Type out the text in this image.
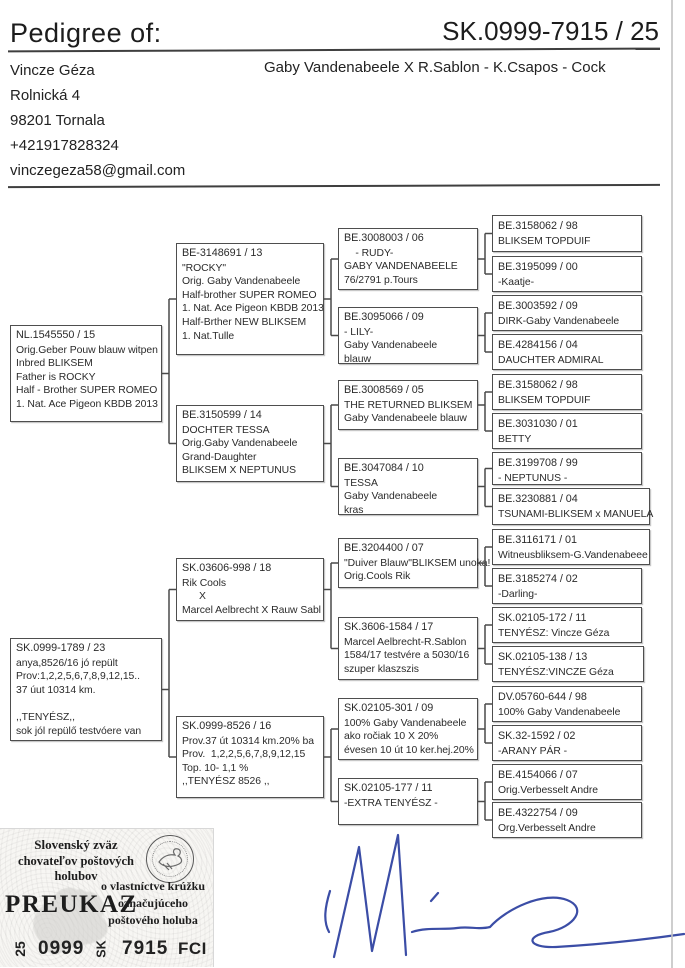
Pedigree of:	SK.0999-7915 / 25
Gaby Vandenabeele X R.Sablon - K.Csapos - Cock
Vincze Géza
Rolnická 4
98201 Tornala
+421917828324
vinczegeza58@gmail.com
NL.1545550 / 15
Orig.Geber Pouw blauw witpen
Inbred BLIKSEM
Father is ROCKY
Half - Brother SUPER ROMEO
1. Nat. Ace Pigeon KBDB 2013
SK.0999-1789 / 23
anya,8526/16 jó repült
Prov:1,2,2,5,6,7,8,9,12,15..
37 úut 10314 km.
,,TENYÉSZ,,
sok jól repülő testvóere van
BE-3148691 / 13
"ROCKY"
Orig. Gaby Vandenabeele
Half-brother SUPER ROMEO
1. Nat. Ace Pigeon KBDB 2013
Half-Brther NEW BLIKSEM
1. Nat.Tulle
BE.3150599 / 14
DOCHTER TESSA
Orig.Gaby Vandenabeele
Grand-Daughter
BLIKSEM X NEPTUNUS
SK.03606-998 / 18
Rik Cools
X
Marcel Aelbrecht X Rauw Sabl
SK.0999-8526 / 16
Prov.37 út 10314 km.20% ba
Prov.  1,2,2,5,6,7,8,9,12,15
Top. 10- 1,1 %
,,TENYÉSZ 8526 ,,
BE.3008003 / 06
- RUDY-
GABY VANDENABEELE
76/2791 p.Tours
BE.3095066 / 09
- LILY-
Gaby Vandenabeele
blauw
BE.3008569 / 05
THE RETURNED BLIKSEM
Gaby Vandenabeele blauw
BE.3047084 / 10
TESSA
Gaby Vandenabeele
kras
BE.3204400 / 07
"Duiver Blauw"BLIKSEM unoka!
Orig.Cools Rik
SK.3606-1584 / 17
Marcel Aelbrecht-R.Sablon
1584/17 testvére a 5030/16
szuper klaszszis
SK.02105-301 / 09
100% Gaby Vandenabeele
ako ročiak 10 X 20%
évesen 10 út 10 ker.hej.20%
SK.02105-177 / 11
-EXTRA TENYÉSZ -
BE.3158062 / 98
BLIKSEM TOPDUIF
BE.3195099 / 00
-Kaatje-
BE.3003592 / 09
DIRK-Gaby Vandenabeele
BE.4284156 / 04
DAUCHTER ADMIRAL
BE.3158062 / 98
BLIKSEM TOPDUIF
BE.3031030 / 01
BETTY
BE.3199708 / 99
- NEPTUNUS -
BE.3230881 / 04
TSUNAMI-BLIKSEM x MANUELA
BE.3116171 / 01
Witneusbliksem-G.Vandenabeee
BE.3185274 / 02
-Darling-
SK.02105-172 / 11
TENYÉSZ: Vincze Géza
SK.02105-138 / 13
TENYÉSZ:VINCZE Géza
DV.05760-644 / 98
100% Gaby Vandenabeele
SK.32-1592 / 02
-ARANY PÁR -
BE.4154066 / 07
Orig.Verbesselt Andre
BE.4322754 / 09
Org.Verbesselt Andre
Slovenský zväz
chovateľov poštových holubov
PREUKAZ
o vlastníctve krúžku
označujúceho
poštového holuba
25 0999 SK 7915 FCI
